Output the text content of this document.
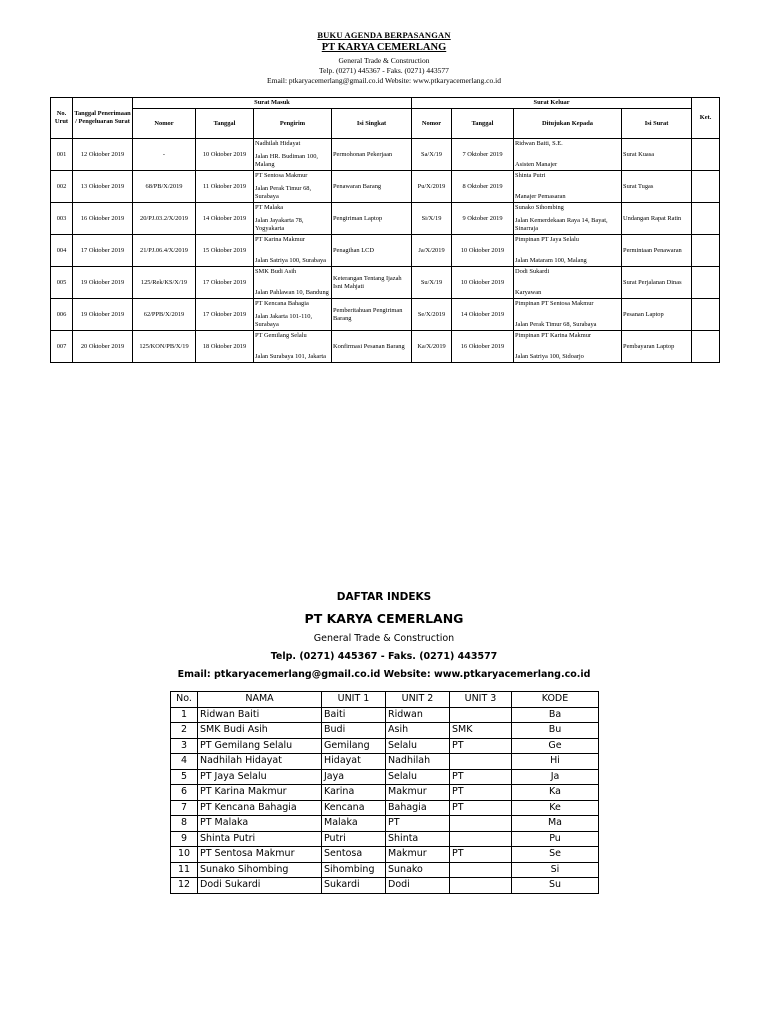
BUKU AGENDA BERPASANGAN
PT KARYA CEMERLANG
General Trade & Construction
Telp. (0271) 445367 - Faks. (0271) 443577
Email: ptkaryacemerlang@gmail.co.id Website: www.ptkaryacemerlang.co.id
No. Urut	Tanggal Penerimaan / Pengeluaran Surat	Surat Masuk				Surat Keluar				Ket.
		Nomor	Tanggal	Pengirim	Isi Singkat	Nomor	Tanggal	Ditujukan Kepada	Isi Surat	
001	12 Oktober 2019	-	10 Oktober 2019	Nadhilah Hidayat
Jalan HR. Budiman 100, Malang	Permohonan Pekerjaan	Sa/X/19	7 Oktober 2019	Ridwan Baiti, S.E.
Asisten Manajer	Surat Kuasa	
002	13 Oktober 2019	68/PB/X/2019	11 Oktober 2019	PT Sentosa Makmur
Jalan Perak Timur 68, Surabaya	Penawaran Barang	Pu/X/2019	8 Oktober 2019	Shinta Putri
Manajer Pemasaran	Surat Tugas	
003	16 Oktober 2019	20/PJ.03.2/X/2019	14 Oktober 2019	PT Malaka
Jalan Jayakarta 78, Yogyakarta	Pengiriman Laptop	Si/X/19	9 Oktober 2019	Sunako Sihombing
Jalan Kemerdekaan Raya 14, Bayat, Sinarraja	Undangan Rapat Ratin	
004	17 Oktober 2019	21/PJ.06.4/X/2019	15 Oktober 2019	PT Karina Makmur
Jalan Satriya 100, Surabaya	Penagihan LCD	Ja/X/2019	10 Oktober 2019	Pimpinan PT Jaya Selalu
Jalan Mataram 100, Malang	Permintaan Penawaran	
005	19 Oktober 2019	125/Rek/KS/X/19	17 Oktober 2019	SMK Budi Asih
Jalan Pahlawan 10, Bandung	Keterangan Tentang Ijazah Isni Mahjati	Su/X/19	10 Oktober 2019	Dodi Sukardi
Karyawan	Surat Perjalanan Dinas	
006	19 Oktober 2019	62/PPB/X/2019	17 Oktober 2019	PT Kencana Bahagia
Jalan Jakarta 101-110, Surabaya	Pemberitahuan Pengiriman Barang	Se/X/2019	14 Oktober 2019	Pimpinan PT Sentosa Makmur
Jalan Perak Timur 68, Surabaya	Pesanan Laptop	
007	20 Oktober 2019	125/KON/PB/X/19	18 Oktober 2019	PT Gemilang Selalu
Jalan Surabaya 101, Jakarta	Konfirmasi Pesanan Barang	Ka/X/2019	16 Oktober 2019	Pimpinan PT Karina Makmur
Jalan Satriya 100, Sidoarjo	Pembayaran Laptop	
DAFTAR INDEKS
PT KARYA CEMERLANG
General Trade & Construction
Telp. (0271) 445367 - Faks. (0271) 443577
Email: ptkaryacemerlang@gmail.co.id Website: www.ptkaryacemerlang.co.id
No.	NAMA	UNIT 1	UNIT 2	UNIT 3	KODE
1	Ridwan Baiti	Baiti	Ridwan		Ba
2	SMK Budi Asih	Budi	Asih	SMK	Bu
3	PT Gemilang Selalu	Gemilang	Selalu	PT	Ge
4	Nadhilah Hidayat	Hidayat	Nadhilah		Hi
5	PT Jaya Selalu	Jaya	Selalu	PT	Ja
6	PT Karina Makmur	Karina	Makmur	PT	Ka
7	PT Kencana Bahagia	Kencana	Bahagia	PT	Ke
8	PT Malaka	Malaka	PT		Ma
9	Shinta Putri	Putri	Shinta		Pu
10	PT Sentosa Makmur	Sentosa	Makmur	PT	Se
11	Sunako Sihombing	Sihombing	Sunako		Si
12	Dodi Sukardi	Sukardi	Dodi		Su
